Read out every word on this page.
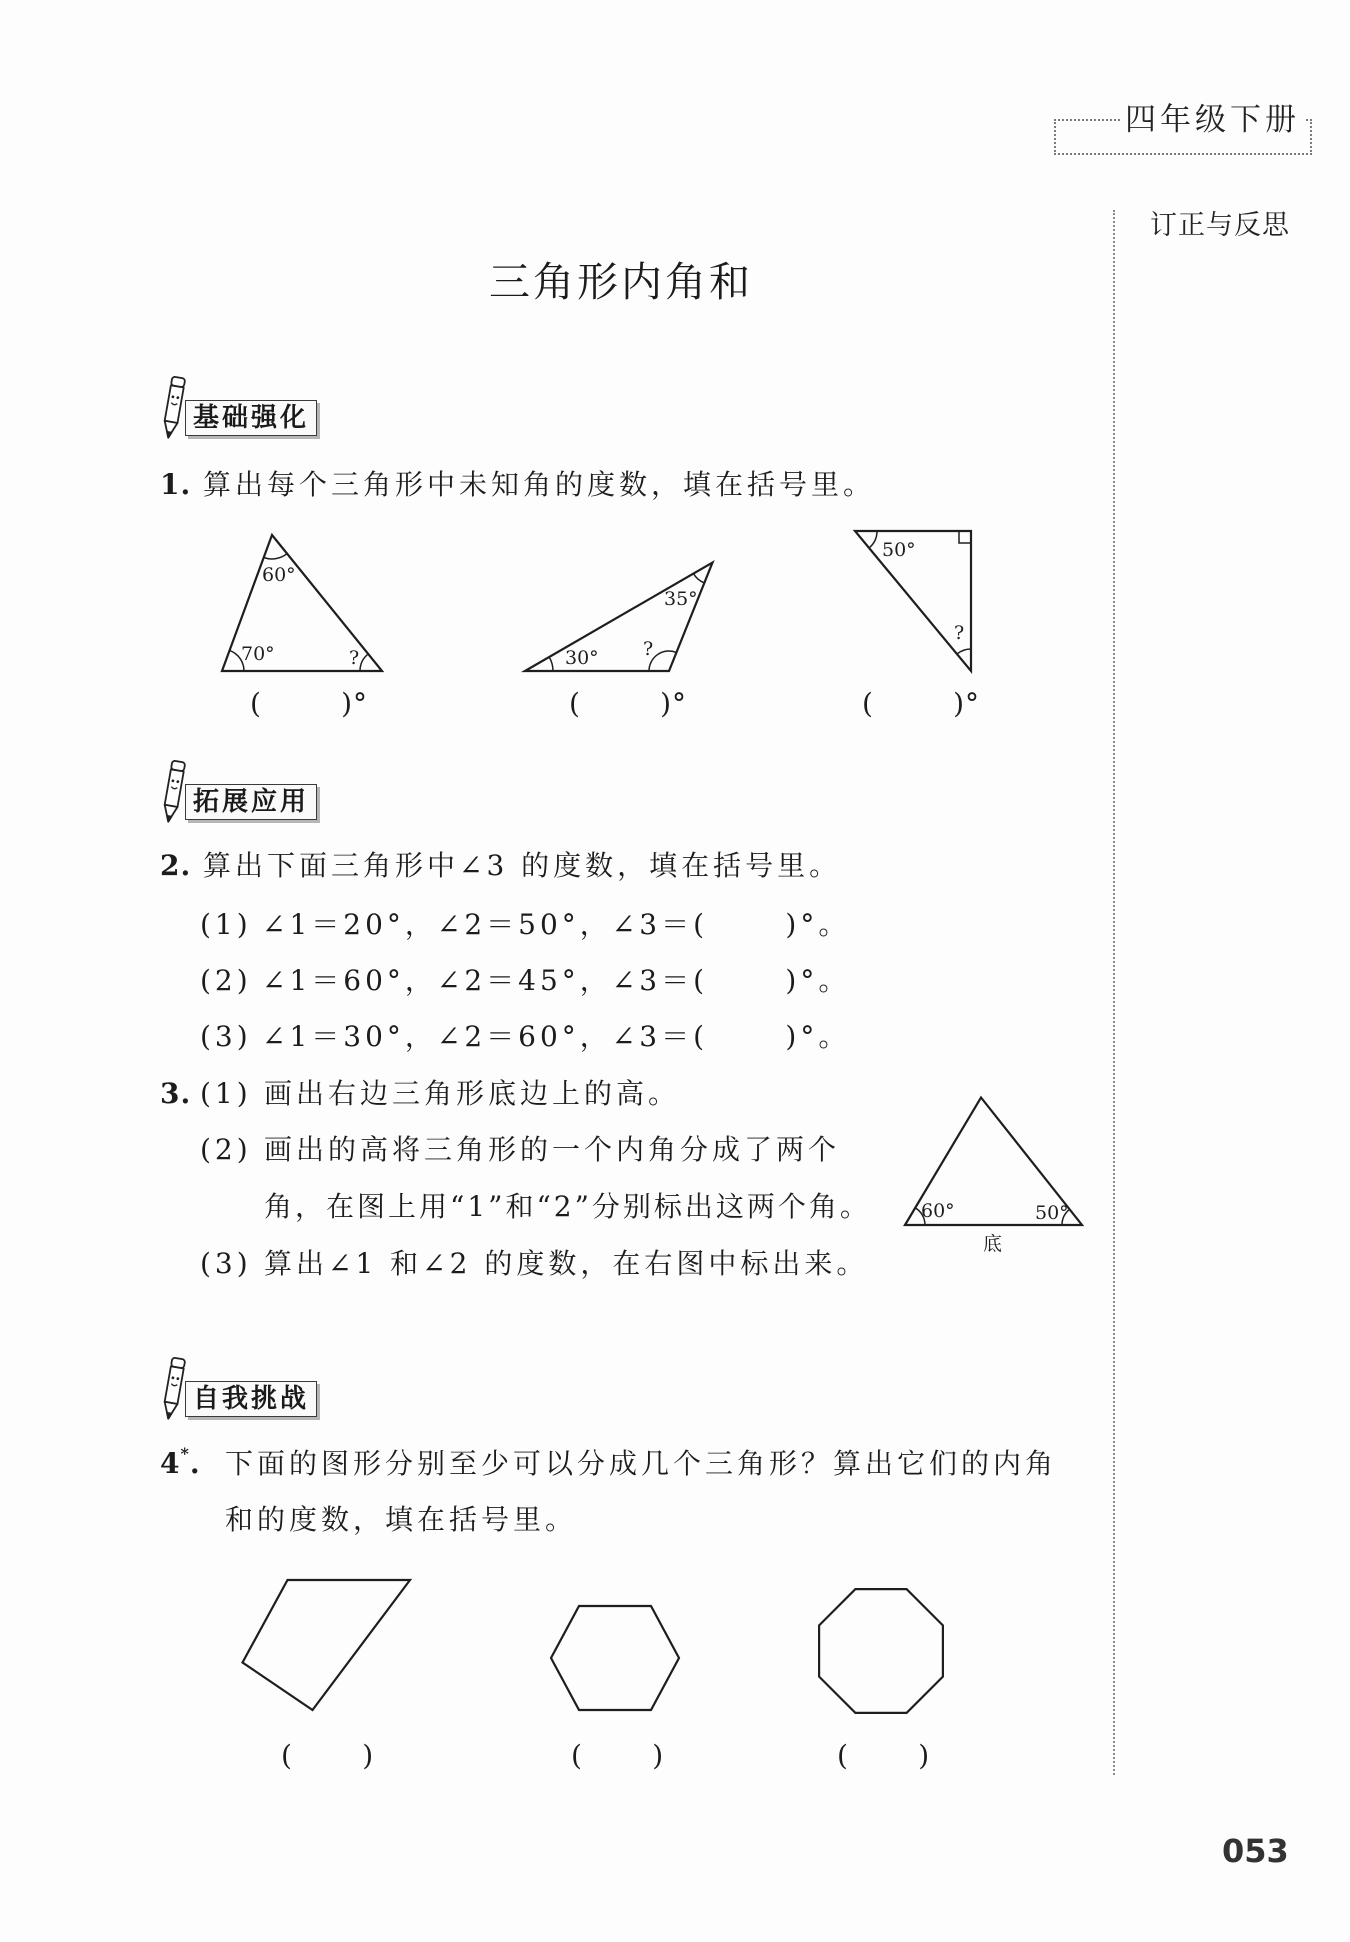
60°
70°	?
35°
30° ?
50°
?
60°	50°
底
四年级下册
订正与反思
三角形内角和
基础强化
1. 算出每个三角形中未知角的度数，填在括号里。
(        )°	(        )°	(        )°
拓展应用
2. 算出下面三角形中∠3 的度数，填在括号里。
(1) ∠1＝20°，∠2＝50°，∠3＝(      )°。
(2) ∠1＝60°，∠2＝45°，∠3＝(      )°。
(3) ∠1＝30°，∠2＝60°，∠3＝(      )°。
3. (1) 画出右边三角形底边上的高。
(2) 画出的高将三角形的一个内角分成了两个
角，在图上用“1”和“2”分别标出这两个角。
(3) 算出∠1 和∠2 的度数，在右图中标出来。
自我挑战
4*. 下面的图形分别至少可以分成几个三角形？算出它们的内角
和的度数，填在括号里。
(       )	(       )	(       )
053
